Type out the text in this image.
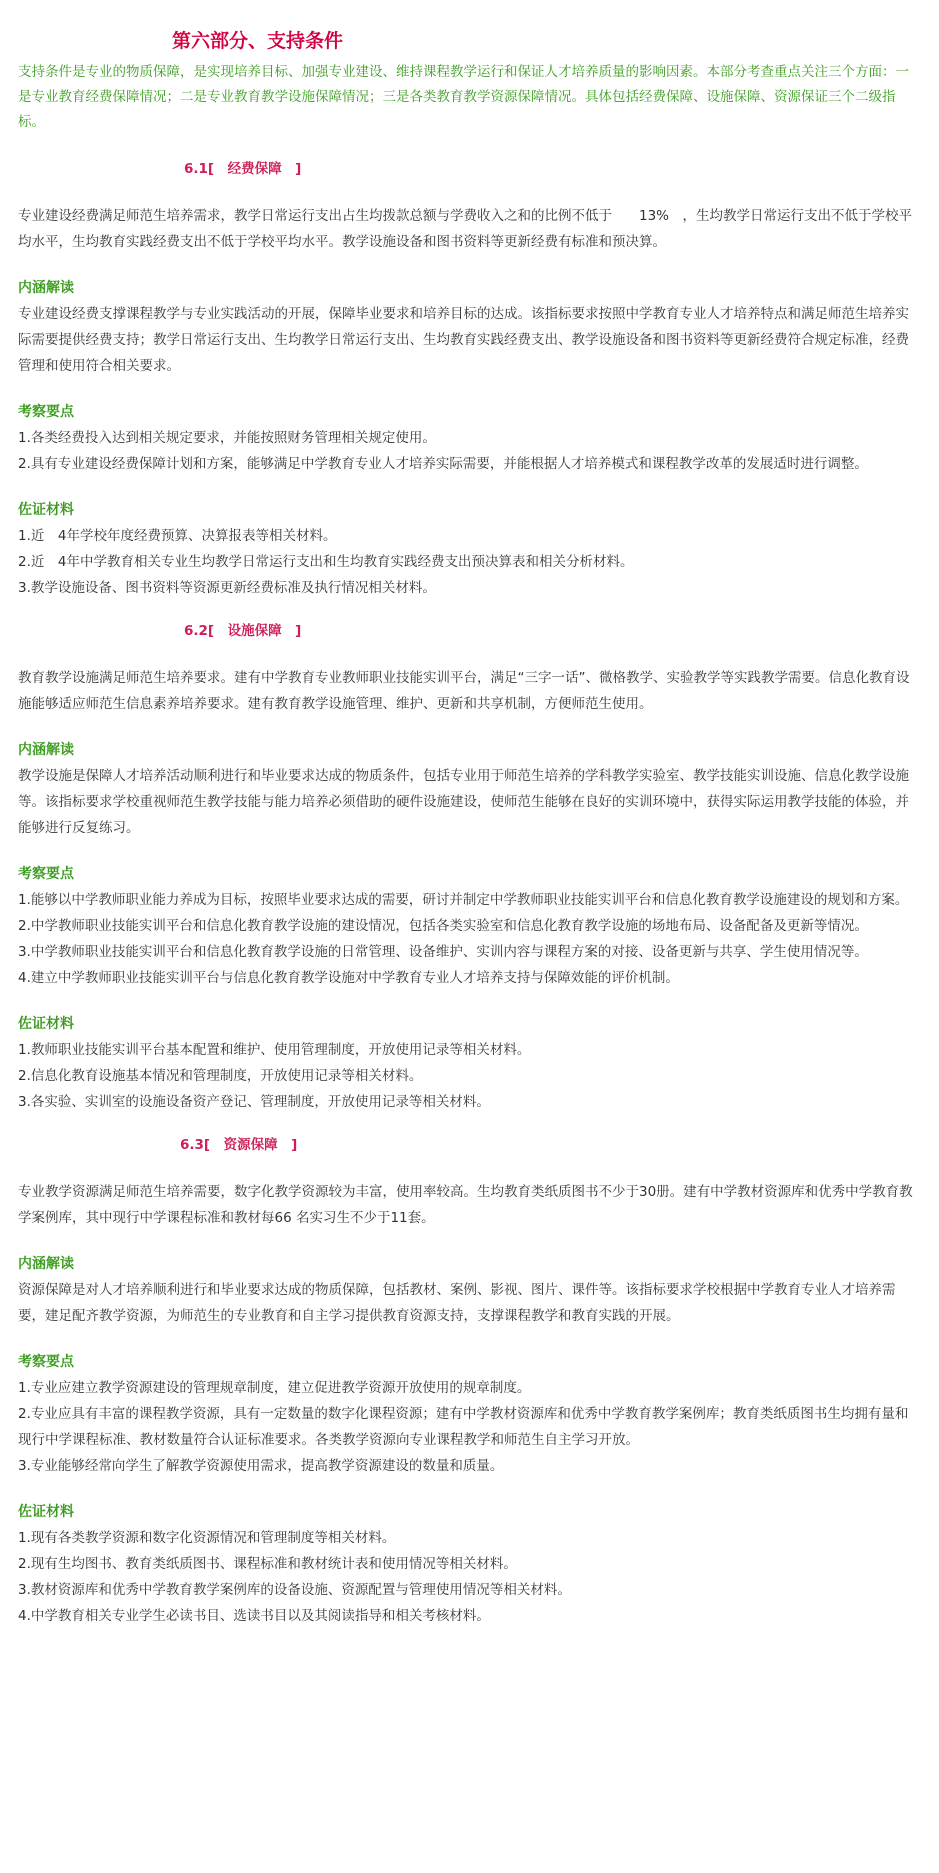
第六部分、支持条件

支持条件是专业的物质保障，是实现培养目标、加强专业建设、维持课程教学运行和保证人才培养质量的影响因素。本部分考查重点关注三个方面：一是专业教育经费保障情况；二是专业教育教学设施保障情况；三是各类教育教学资源保障情况。具体包括经费保障、设施保障、资源保证三个二级指标。

6.1[　经费保障　]

专业建设经费满足师范生培养需求，教学日常运行支出占生均拨款总额与学费收入之和的比例不低于　　13%　，生均教学日常运行支出不低于学校平均水平，生均教育实践经费支出不低于学校平均水平。教学设施设备和图书资料等更新经费有标准和预决算。

内涵解读

专业建设经费支撑课程教学与专业实践活动的开展，保障毕业要求和培养目标的达成。该指标要求按照中学教育专业人才培养特点和满足师范生培养实际需要提供经费支持；教学日常运行支出、生均教学日常运行支出、生均教育实践经费支出、教学设施设备和图书资料等更新经费符合规定标准，经费管理和使用符合相关要求。

考察要点
1.各类经费投入达到相关规定要求，并能按照财务管理相关规定使用。
2.具有专业建设经费保障计划和方案，能够满足中学教育专业人才培养实际需要，并能根据人才培养模式和课程教学改革的发展适时进行调整。
佐证材料
1.近　4年学校年度经费预算、决算报表等相关材料。
2.近　4年中学教育相关专业生均教学日常运行支出和生均教育实践经费支出预决算表和相关分析材料。
3.教学设施设备、图书资料等资源更新经费标准及执行情况相关材料。
6.2[　设施保障　]

教育教学设施满足师范生培养要求。建有中学教育专业教师职业技能实训平台，满足“三字一话”、微格教学、实验教学等实践教学需要。信息化教育设施能够适应师范生信息素养培养要求。建有教育教学设施管理、维护、更新和共享机制，方便师范生使用。

内涵解读

教学设施是保障人才培养活动顺利进行和毕业要求达成的物质条件，包括专业用于师范生培养的学科教学实验室、教学技能实训设施、信息化教学设施等。该指标要求学校重视师范生教学技能与能力培养必须借助的硬件设施建设，使师范生能够在良好的实训环境中，获得实际运用教学技能的体验，并能够进行反复练习。

考察要点
1.能够以中学教师职业能力养成为目标，按照毕业要求达成的需要，研讨并制定中学教师职业技能实训平台和信息化教育教学设施建设的规划和方案。
2.中学教师职业技能实训平台和信息化教育教学设施的建设情况，包括各类实验室和信息化教育教学设施的场地布局、设备配备及更新等情况。
3.中学教师职业技能实训平台和信息化教育教学设施的日常管理、设备维护、实训内容与课程方案的对接、设备更新与共享、学生使用情况等。
4.建立中学教师职业技能实训平台与信息化教育教学设施对中学教育专业人才培养支持与保障效能的评价机制。
佐证材料
1.教师职业技能实训平台基本配置和维护、使用管理制度，开放使用记录等相关材料。
2.信息化教育设施基本情况和管理制度，开放使用记录等相关材料。
3.各实验、实训室的设施设备资产登记、管理制度，开放使用记录等相关材料。
6.3[　资源保障　]

专业教学资源满足师范生培养需要，数字化教学资源较为丰富，使用率较高。生均教育类纸质图书不少于30册。建有中学教材资源库和优秀中学教育教学案例库，其中现行中学课程标准和教材每66 名实习生不少于11套。

内涵解读

资源保障是对人才培养顺利进行和毕业要求达成的物质保障，包括教材、案例、影视、图片、课件等。该指标要求学校根据中学教育专业人才培养需要，建足配齐教学资源，为师范生的专业教育和自主学习提供教育资源支持，支撑课程教学和教育实践的开展。

考察要点
1.专业应建立教学资源建设的管理规章制度，建立促进教学资源开放使用的规章制度。
2.专业应具有丰富的课程教学资源，具有一定数量的数字化课程资源；建有中学教材资源库和优秀中学教育教学案例库；教育类纸质图书生均拥有量和现行中学课程标准、教材数量符合认证标准要求。各类教学资源向专业课程教学和师范生自主学习开放。
3.专业能够经常向学生了解教学资源使用需求，提高教学资源建设的数量和质量。
佐证材料
1.现有各类教学资源和数字化资源情况和管理制度等相关材料。
2.现有生均图书、教育类纸质图书、课程标准和教材统计表和使用情况等相关材料。
3.教材资源库和优秀中学教育教学案例库的设备设施、资源配置与管理使用情况等相关材料。
4.中学教育相关专业学生必读书目、选读书目以及其阅读指导和相关考核材料。
